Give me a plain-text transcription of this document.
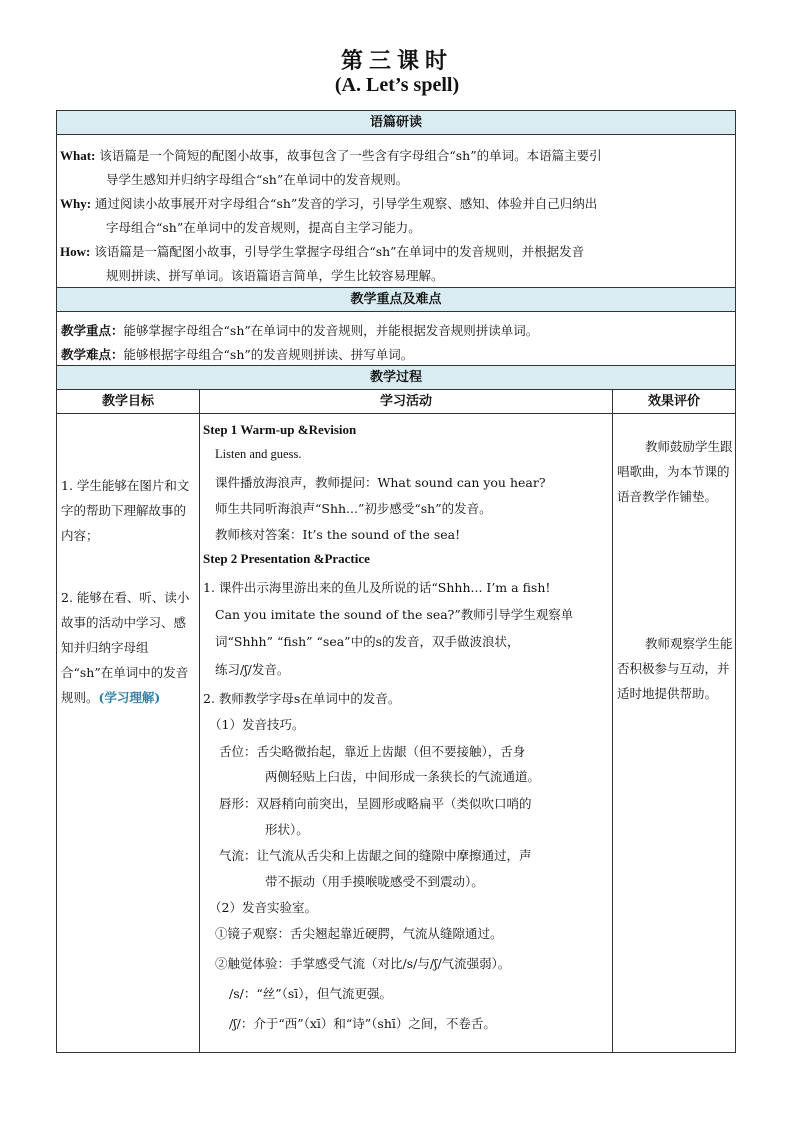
第三课时
(A. Let’s spell)
语篇研读
What: 该语篇是一个简短的配图小故事，故事包含了一些含有字母组合“sh”的单词。本语篇主要引
导学生感知并归纳字母组合“sh”在单词中的发音规则。
Why: 通过阅读小故事展开对字母组合“sh”发音的学习，引导学生观察、感知、体验并自己归纳出
字母组合“sh”在单词中的发音规则，提高自主学习能力。
How: 该语篇是一篇配图小故事，引导学生掌握字母组合“sh”在单词中的发音规则，并根据发音
规则拼读、拼写单词。该语篇语言简单，学生比较容易理解。
教学重点及难点
教学重点：能够掌握字母组合“sh”在单词中的发音规则，并能根据发音规则拼读单词。
教学难点：能够根据字母组合“sh”的发音规则拼读、拼写单词。
教学过程
教学目标	学习活动	效果评价
1. 学生能够在图片和文字的帮助下理解故事的内容；
2. 能够在看、听、读小故事的活动中学习、感知并归纳字母组合“sh”在单词中的发音规则。(学习理解)
Step 1 Warm-up &Revision
Listen and guess.
课件播放海浪声，教师提问：What sound can you hear?
师生共同听海浪声“Shh...”初步感受“sh”的发音。
教师核对答案：It’s the sound of the sea!
Step 2 Presentation &Practice
1. 课件出示海里游出来的鱼儿及所说的话“Shhh... I’m a fish!
Can you imitate the sound of the sea?”教师引导学生观察单
词“Shhh” “fish” “sea”中的s的发音，双手做波浪状，
练习/ʃ/发音。
2. 教师教学字母s在单词中的发音。
（1）发音技巧。
舌位：舌尖略微抬起，靠近上齿龈（但不要接触），舌身
两侧轻贴上臼齿，中间形成一条狭长的气流通道。
唇形：双唇稍向前突出，呈圆形或略扁平（类似吹口哨的
形状）。
气流：让气流从舌尖和上齿龈之间的缝隙中摩擦通过，声
带不振动（用手摸喉咙感受不到震动）。
（2）发音实验室。
①镜子观察：舌尖翘起靠近硬腭，气流从缝隙通过。
②触觉体验：手掌感受气流（对比/s/与/ʃ/气流强弱）。
/s/：“丝”（sī），但气流更强。
/ʃ/：介于“西”（xī）和“诗”（shī）之间，不卷舌。
教师鼓励学生跟唱歌曲，为本节课的语音教学作铺垫。
教师观察学生能否积极参与互动，并适时地提供帮助。
